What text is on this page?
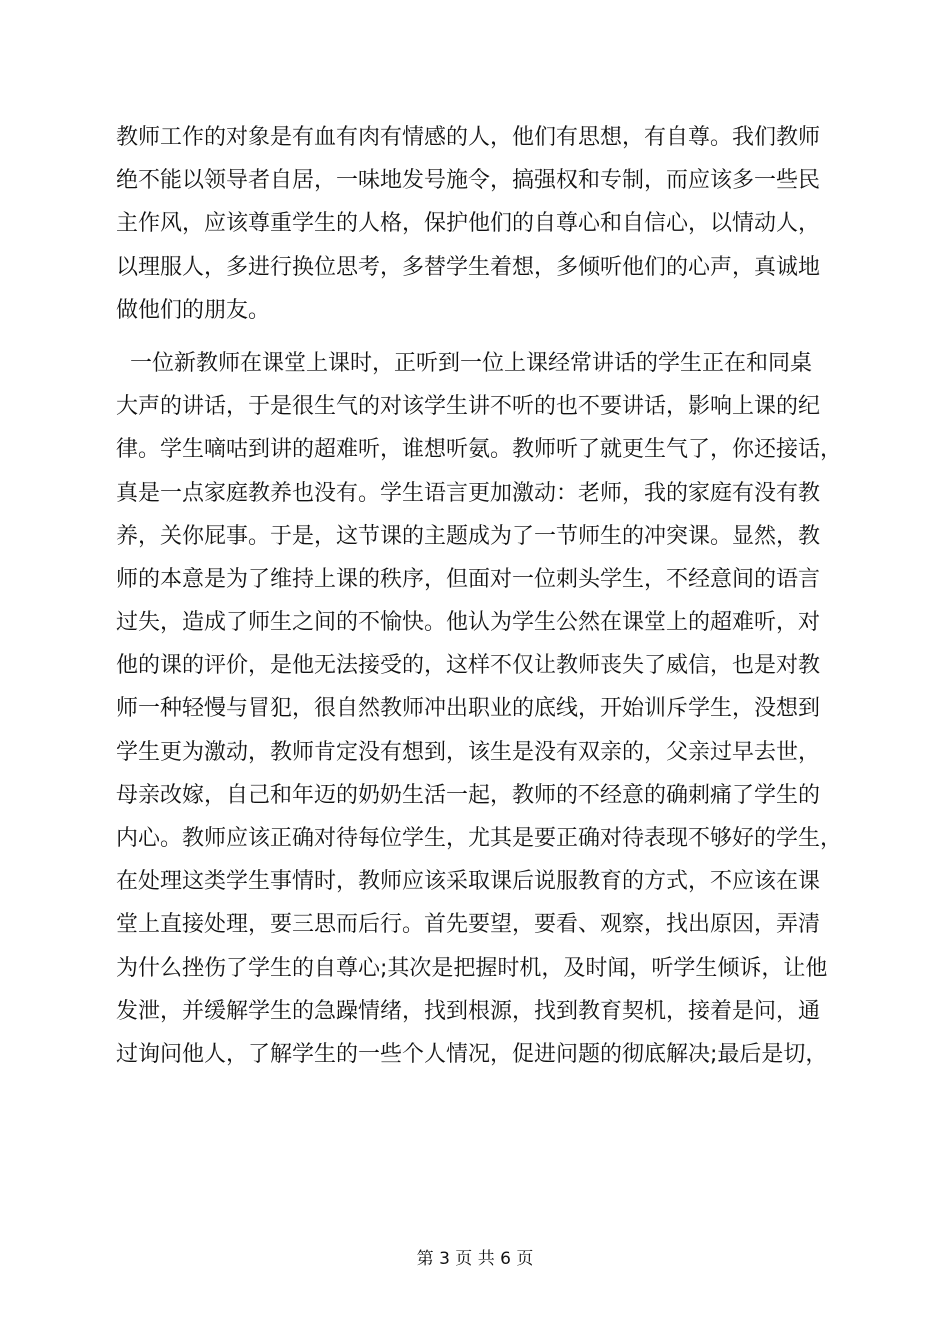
教师工作的对象是有血有肉有情感的人，他们有思想，有自尊。我们教师
绝不能以领导者自居，一味地发号施令，搞强权和专制，而应该多一些民
主作风，应该尊重学生的人格，保护他们的自尊心和自信心，以情动人，
以理服人，多进行换位思考，多替学生着想，多倾听他们的心声，真诚地
做他们的朋友。
一位新教师在课堂上课时，正听到一位上课经常讲话的学生正在和同桌
大声的讲话，于是很生气的对该学生讲不听的也不要讲话，影响上课的纪
律。学生嘀咕到讲的超难听，谁想听氨。教师听了就更生气了，你还接话，
真是一点家庭教养也没有。学生语言更加激动：老师，我的家庭有没有教
养，关你屁事。于是，这节课的主题成为了一节师生的冲突课。显然，教
师的本意是为了维持上课的秩序，但面对一位刺头学生，不经意间的语言
过失，造成了师生之间的不愉快。他认为学生公然在课堂上的超难听，对
他的课的评价，是他无法接受的，这样不仅让教师丧失了威信，也是对教
师一种轻慢与冒犯，很自然教师冲出职业的底线，开始训斥学生，没想到
学生更为激动，教师肯定没有想到，该生是没有双亲的，父亲过早去世，
母亲改嫁，自己和年迈的奶奶生活一起，教师的不经意的确刺痛了学生的
内心。教师应该正确对待每位学生，尤其是要正确对待表现不够好的学生，
在处理这类学生事情时，教师应该采取课后说服教育的方式，不应该在课
堂上直接处理，要三思而后行。首先要望，要看、观察，找出原因，弄清
为什么挫伤了学生的自尊心;其次是把握时机，及时闻，听学生倾诉，让他
发泄，并缓解学生的急躁情绪，找到根源，找到教育契机，接着是问，通
过询问他人，了解学生的一些个人情况，促进问题的彻底解决;最后是切，
第 3 页 共 6 页
